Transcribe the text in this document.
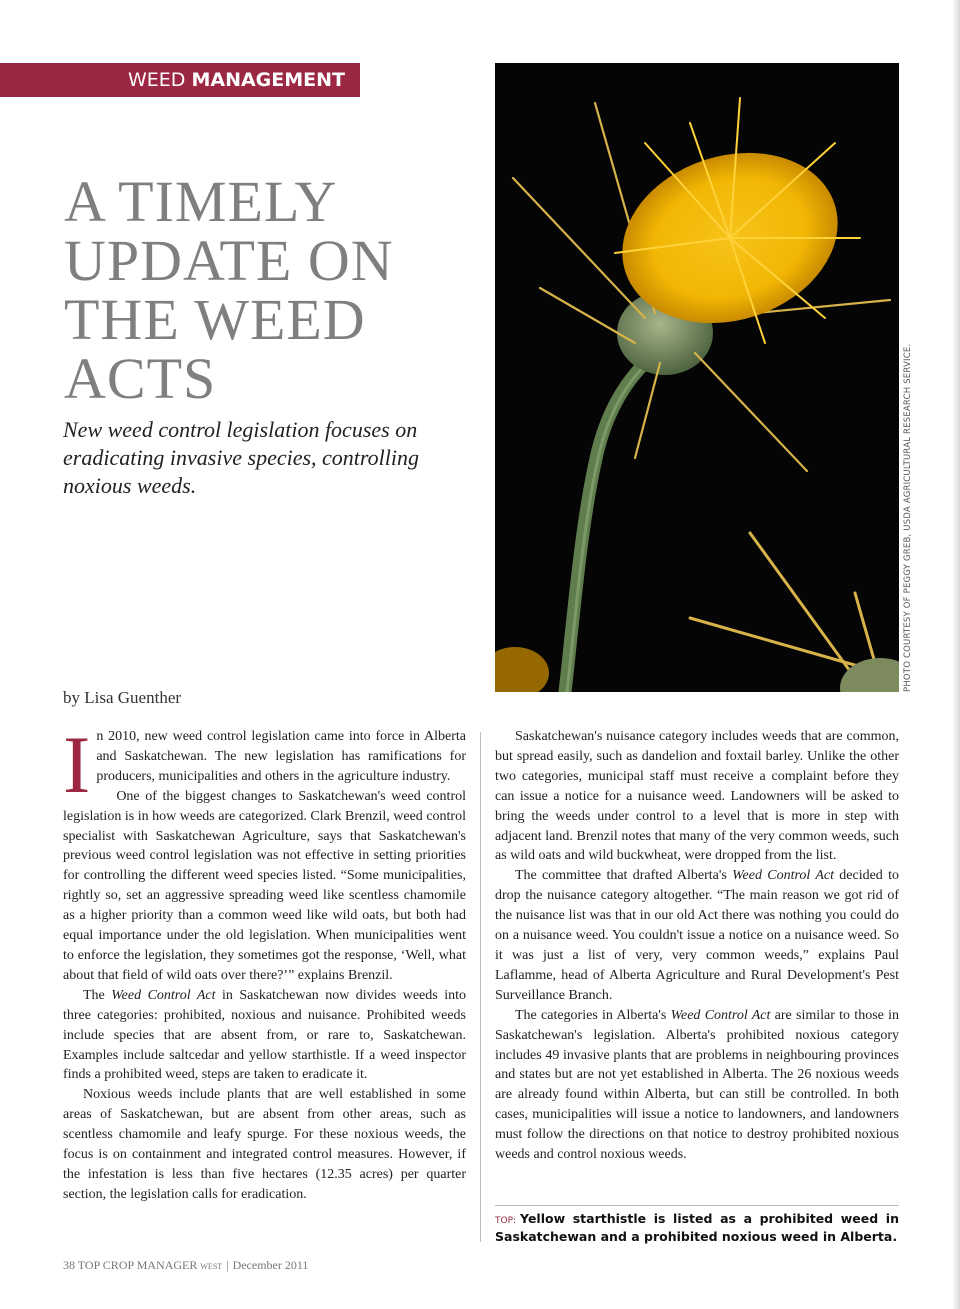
WEED MANAGEMENT
A TIMELY
UPDATE ON
THE WEED
ACTS
New weed control legislation focuses on eradicating invasive species, controlling noxious weeds.
by Lisa Guenther
PHOTO COURTESY OF PEGGY GREB, USDA AGRICULTURAL RESEARCH SERVICE.

In 2010, new weed control legislation came into force in Alberta and Saskatchewan. The new legislation has ramifications for producers, municipalities and others in the agriculture industry.

One of the biggest changes to Saskatchewan's weed control legislation is in how weeds are categorized. Clark Brenzil, weed control specialist with Saskatchewan Agriculture, says that Saskatchewan's previous weed control legislation was not effective in setting priorities for controlling the different weed species listed. “Some municipalities, rightly so, set an aggressive spreading weed like scentless chamomile as a higher priority than a common weed like wild oats, but both had equal importance under the old legislation. When municipalities went to enforce the legislation, they sometimes got the response, ‘Well, what about that field of wild oats over there?’” explains Brenzil.

The Weed Control Act in Saskatchewan now divides weeds into three categories: prohibited, noxious and nuisance. Prohibited weeds include species that are absent from, or rare to, Saskatchewan. Examples include saltcedar and yellow starthistle. If a weed inspector finds a prohibited weed, steps are taken to eradicate it.

Noxious weeds include plants that are well established in some areas of Saskatchewan, but are absent from other areas, such as scentless chamomile and leafy spurge. For these noxious weeds, the focus is on containment and integrated control measures. However, if the infestation is less than five hectares (12.35 acres) per quarter section, the legislation calls for eradication.

Saskatchewan's nuisance category includes weeds that are common, but spread easily, such as dandelion and foxtail barley. Unlike the other two categories, municipal staff must receive a complaint before they can issue a notice for a nuisance weed. Landowners will be asked to bring the weeds under control to a level that is more in step with adjacent land. Brenzil notes that many of the very common weeds, such as wild oats and wild buckwheat, were dropped from the list.

The committee that drafted Alberta's Weed Control Act decided to drop the nuisance category altogether. “The main reason we got rid of the nuisance list was that in our old Act there was nothing you could do on a nuisance weed. You couldn't issue a notice on a nuisance weed. So it was just a list of very, very common weeds,” explains Paul Laflamme, head of Alberta Agriculture and Rural Development's Pest Surveillance Branch.

The categories in Alberta's Weed Control Act are similar to those in Saskatchewan's legislation. Alberta's prohibited noxious category includes 49 invasive plants that are problems in neighbouring provinces and states but are not yet established in Alberta. The 26 noxious weeds are already found within Alberta, but can still be controlled. In both cases, municipalities will issue a notice to landowners, and landowners must follow the directions on that notice to destroy prohibited noxious weeds and control noxious weeds.

TOP: Yellow starthistle is listed as a prohibited weed in Saskatchewan and a prohibited noxious weed in Alberta.
38 TOP CROP MANAGER WEST | December 2011
